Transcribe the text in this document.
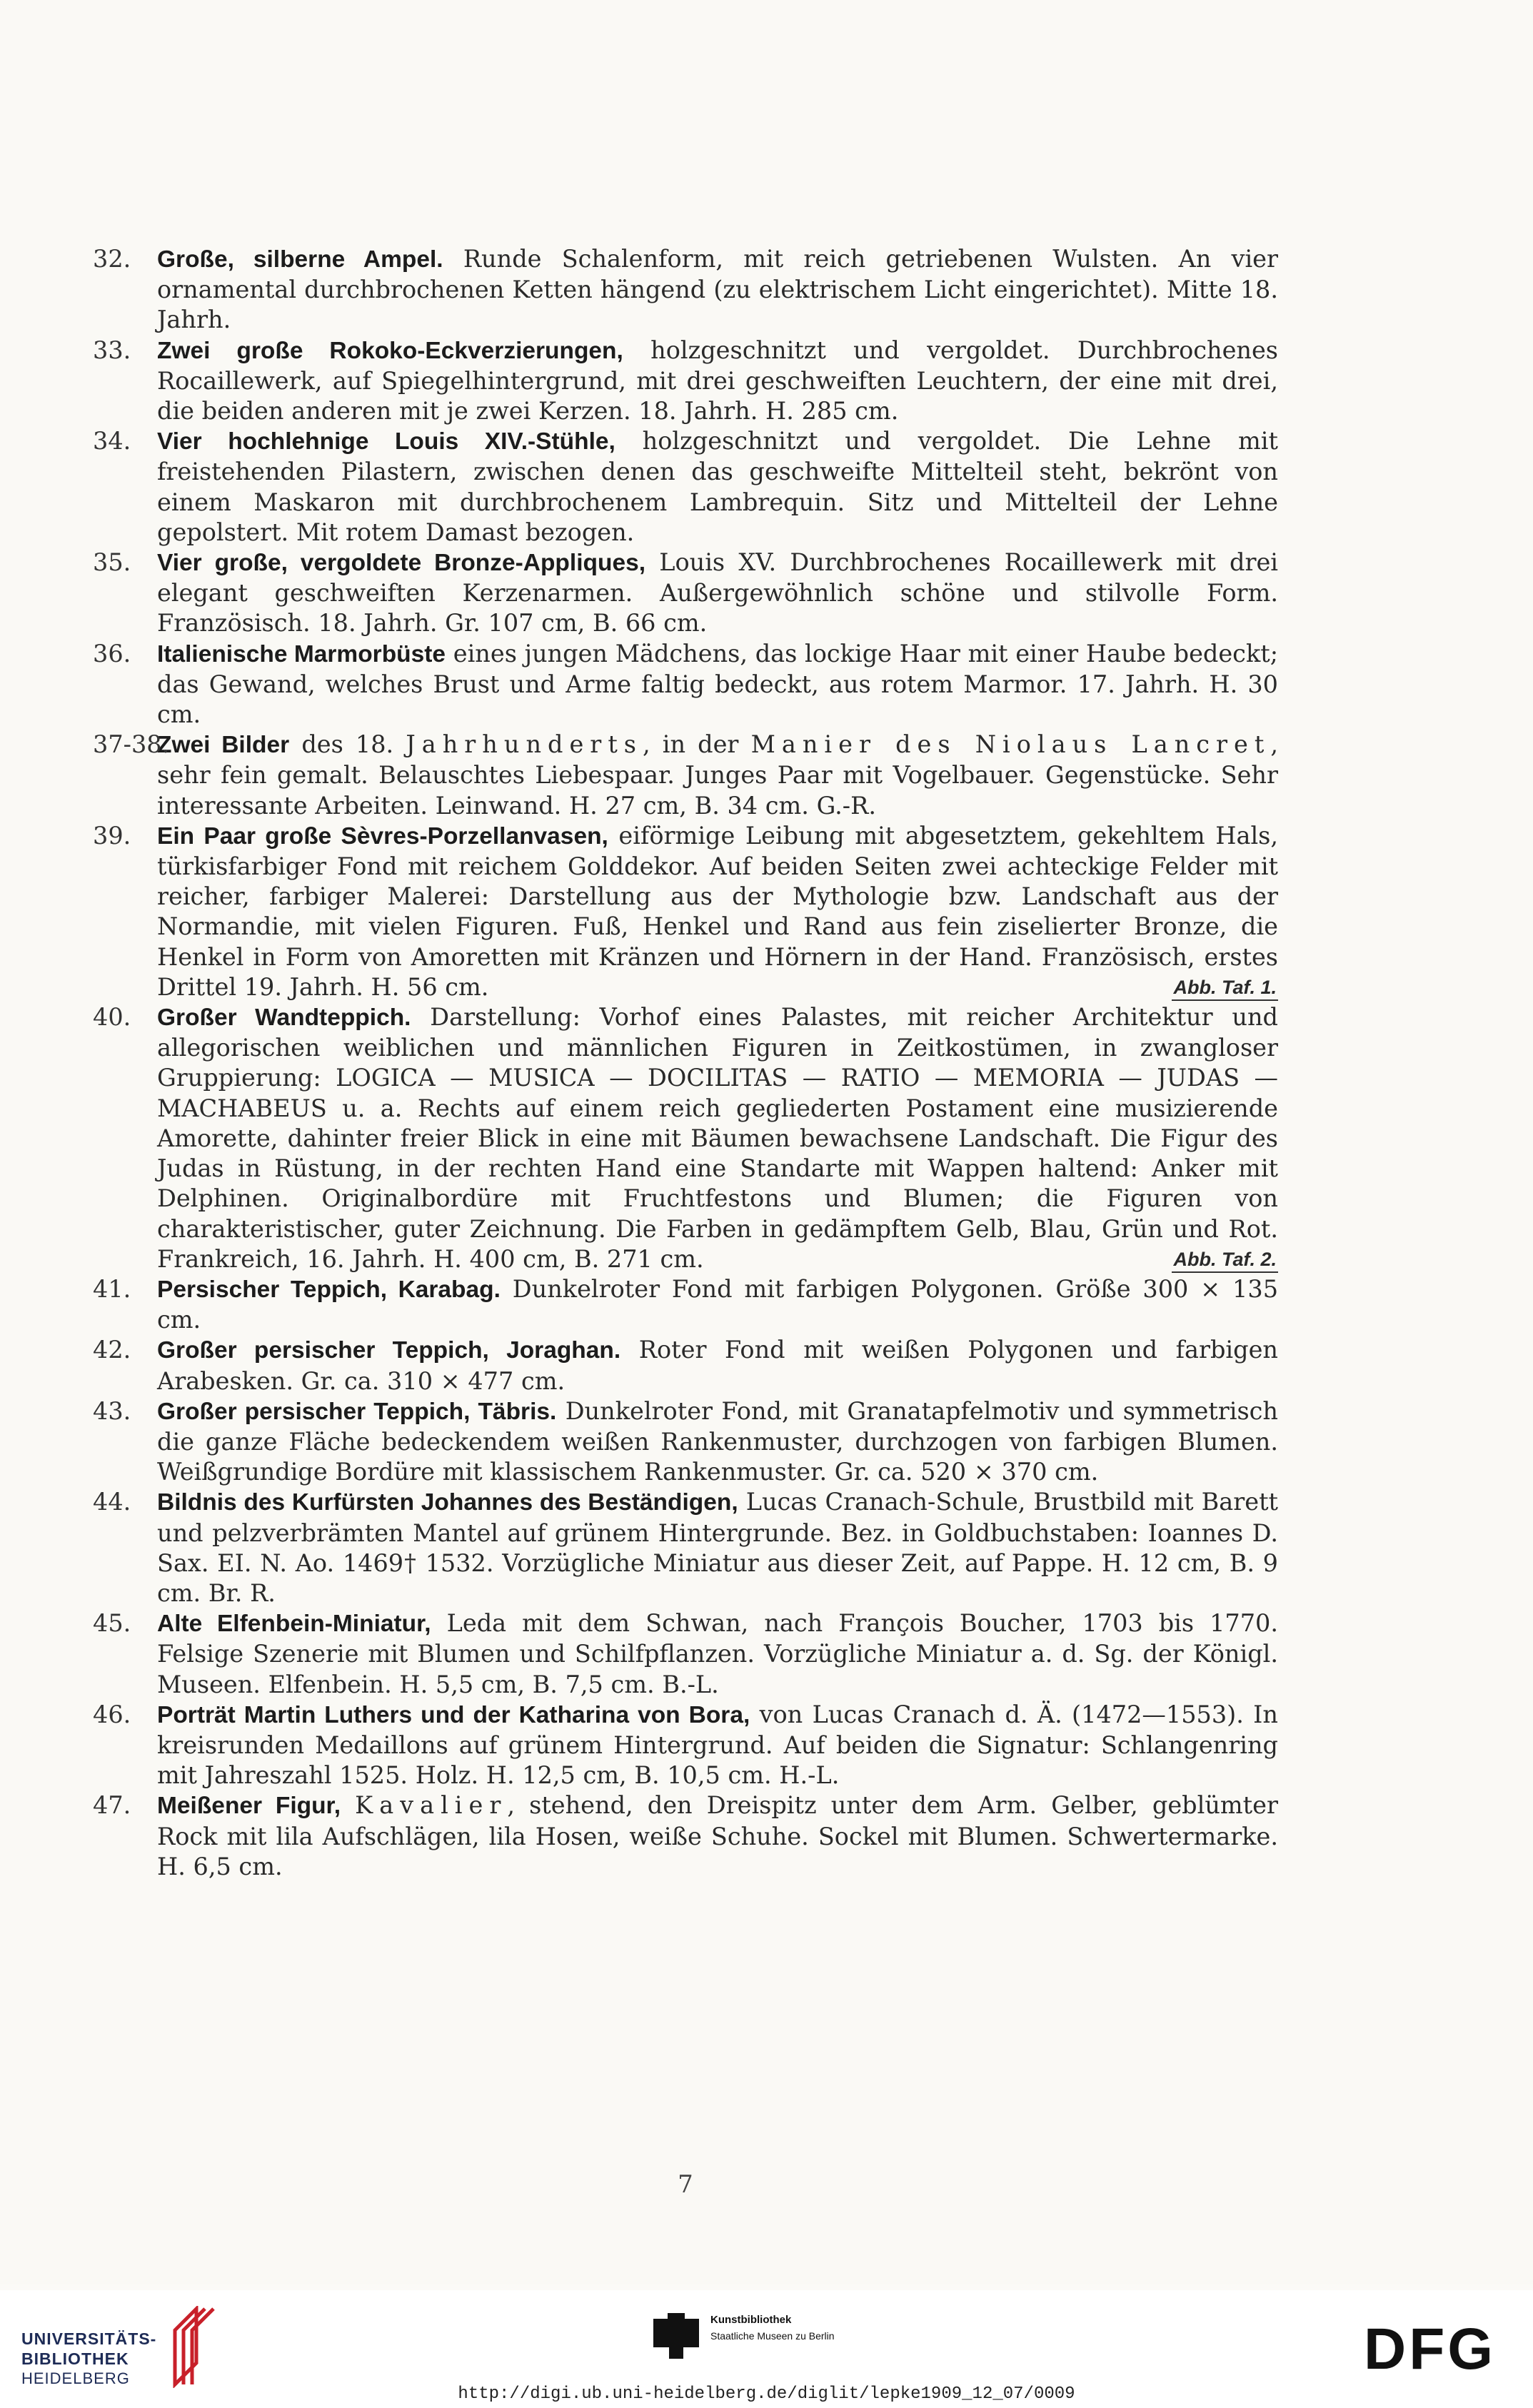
32. Große, silberne Ampel. Runde Schalenform, mit reich getriebenen Wulsten. An vier ornamental durchbrochenen Ketten hängend (zu elektrischem Licht eingerichtet). Mitte 18. Jahrh.

33. Zwei große Rokoko-Eckverzierungen, holzgeschnitzt und vergoldet. Durchbrochenes Rocaillewerk, auf Spiegelhintergrund, mit drei geschweiften Leuchtern, der eine mit drei, die beiden anderen mit je zwei Kerzen. 18. Jahrh. H. 285 cm.

34. Vier hochlehnige Louis XIV.-Stühle, holzgeschnitzt und vergoldet. Die Lehne mit freistehenden Pilastern, zwischen denen das geschweifte Mittelteil steht, bekrönt von einem Maskaron mit durchbrochenem Lambrequin. Sitz und Mittelteil der Lehne gepolstert. Mit rotem Damast bezogen.

35. Vier große, vergoldete Bronze-Appliques, Louis XV. Durchbrochenes Rocaillewerk mit drei elegant geschweiften Kerzenarmen. Außergewöhnlich schöne und stilvolle Form. Französisch. 18. Jahrh. Gr. 107 cm, B. 66 cm.

36. Italienische Marmorbüste eines jungen Mädchens, das lockige Haar mit einer Haube bedeckt; das Gewand, welches Brust und Arme faltig bedeckt, aus rotem Marmor. 17. Jahrh. H. 30 cm.

37-38.
Zwei Bilder des 18. Jahrhunderts, in der Manier des Niolaus Lancret, sehr fein gemalt. Belauschtes Liebespaar. Junges Paar mit Vogelbauer. Gegenstücke. Sehr interessante Arbeiten. Leinwand. H. 27 cm, B. 34 cm. G.-R.

39. Ein Paar große Sèvres-Porzellanvasen, eiförmige Leibung mit abgesetztem, gekehltem Hals, türkisfarbiger Fond mit reichem Golddekor. Auf beiden Seiten zwei achteckige Felder mit reicher, farbiger Malerei: Darstellung aus der Mythologie bzw. Landschaft aus der Normandie, mit vielen Figuren. Fuß, Henkel und Rand aus fein ziselierter Bronze, die Henkel in Form von Amoretten mit Kränzen und Hörnern in der Hand. Französisch, erstes Drittel 19. Jahrh. H. 56 cm.	Abb. Taf. 1.

40. Großer Wandteppich. Darstellung: Vorhof eines Palastes, mit reicher Architektur und allegorischen weiblichen und männlichen Figuren in Zeitkostümen, in zwangloser Gruppierung: LOGICA — MUSICA — DOCILITAS — RATIO — MEMORIA — JUDAS — MACHABEUS u. a. Rechts auf einem reich gegliederten Postament eine musizierende Amorette, dahinter freier Blick in eine mit Bäumen bewachsene Landschaft. Die Figur des Judas in Rüstung, in der rechten Hand eine Standarte mit Wappen haltend: Anker mit Delphinen. Originalbordüre mit Fruchtfestons und Blumen; die Figuren von charakteristischer, guter Zeichnung. Die Farben in gedämpftem Gelb, Blau, Grün und Rot. Frankreich, 16. Jahrh. H. 400 cm, B. 271 cm.	Abb. Taf. 2.

41. Persischer Teppich, Karabag. Dunkelroter Fond mit farbigen Polygonen. Größe 300 × 135 cm.

42. Großer persischer Teppich, Joraghan. Roter Fond mit weißen Polygonen und farbigen Arabesken. Gr. ca. 310 × 477 cm.

43. Großer persischer Teppich, Täbris. Dunkelroter Fond, mit Granatapfelmotiv und symmetrisch die ganze Fläche bedeckendem weißen Rankenmuster, durchzogen von farbigen Blumen. Weißgrundige Bordüre mit klassischem Rankenmuster. Gr. ca. 520 × 370 cm.

44. Bildnis des Kurfürsten Johannes des Beständigen, Lucas Cranach-Schule, Brustbild mit Barett und pelzverbrämten Mantel auf grünem Hintergrunde. Bez. in Goldbuchstaben: Ioannes D. Sax. EI. N. Ao. 1469† 1532. Vorzügliche Miniatur aus dieser Zeit, auf Pappe. H. 12 cm, B. 9 cm. Br. R.

45. Alte Elfenbein-Miniatur, Leda mit dem Schwan, nach François Boucher, 1703 bis 1770. Felsige Szenerie mit Blumen und Schilfpflanzen. Vorzügliche Miniatur a. d. Sg. der Königl. Museen. Elfenbein. H. 5,5 cm, B. 7,5 cm. B.-L.

46. Porträt Martin Luthers und der Katharina von Bora, von Lucas Cranach d. Ä. (1472—1553). In kreisrunden Medaillons auf grünem Hintergrund. Auf beiden die Signatur: Schlangenring mit Jahreszahl 1525. Holz. H. 12,5 cm, B. 10,5 cm. H.-L.

47. Meißener Figur, Kavalier, stehend, den Dreispitz unter dem Arm. Gelber, geblümter Rock mit lila Aufschlägen, lila Hosen, weiße Schuhe. Sockel mit Blumen. Schwertermarke. H. 6,5 cm.

7
UNIVERSITÄTS-
BIBLIOTHEK
HEIDELBERG
Kunstbibliothek
Staatliche Museen zu Berlin	DFG
http://digi.ub.uni-heidelberg.de/diglit/lepke1909_12_07/0009
